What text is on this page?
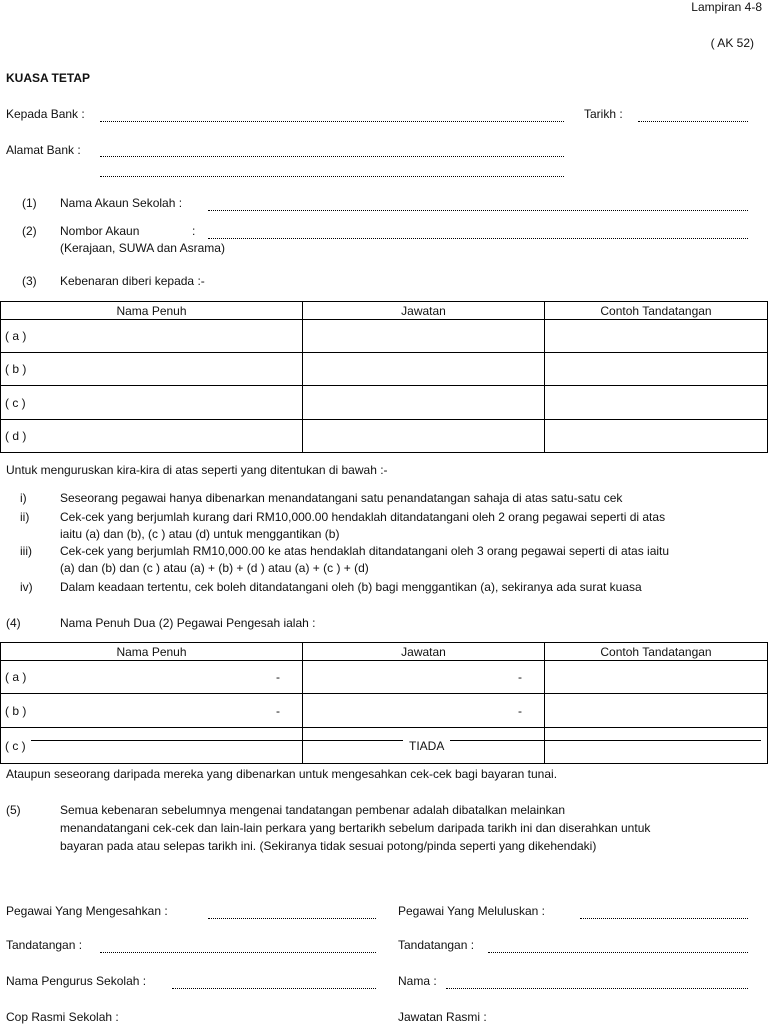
Lampiran 4-8
( AK 52)
KUASA TETAP
Kepada Bank :	Tarikh :
Alamat Bank :
(1) Nama Akaun Sekolah :
(2) Nombor Akaun	:
(Kerajaan, SUWA dan Asrama)
(3) Kebenaran diberi kepada :-
Nama Penuh	Jawatan	Contoh Tandatangan
( a )		
( b )		
( c )		
( d )		
Untuk menguruskan kira-kira di atas seperti yang ditentukan di bawah :-
i)	Seseorang pegawai hanya dibenarkan menandatangani satu penandatangan sahaja di atas satu-satu cek
ii)	Cek-cek yang berjumlah kurang dari RM10,000.00 hendaklah ditandatangani oleh 2 orang pegawai seperti di atas
iaitu (a) dan (b), (c ) atau (d) untuk menggantikan (b)
iii) Cek-cek yang berjumlah RM10,000.00 ke atas hendaklah ditandatangani oleh 3 orang pegawai seperti di atas iaitu
(a) dan (b) dan (c ) atau (a) + (b) + (d ) atau (a) + (c ) + (d)
iv) Dalam keadaan tertentu, cek boleh ditandatangani oleh (b) bagi menggantikan (a), sekiranya ada surat kuasa
(4)	Nama Penuh Dua (2) Pegawai Pengesah ialah :
Nama Penuh	Jawatan	Contoh Tandatangan
( a ) -	-	

( b ) -	-	

( c )	TIADA	

Ataupun seseorang daripada mereka yang dibenarkan untuk mengesahkan cek-cek bagi bayaran tunai.
(5)	Semua kebenaran sebelumnya mengenai tandatangan pembenar adalah dibatalkan melainkan
menandatangani cek-cek dan lain-lain perkara yang bertarikh sebelum daripada tarikh ini dan diserahkan untuk
bayaran pada atau selepas tarikh ini. (Sekiranya tidak sesuai potong/pinda seperti yang dikehendaki)
Pegawai Yang Mengesahkan :
Tandatangan :
Nama Pengurus Sekolah :
Cop Rasmi Sekolah :
Pegawai Yang Meluluskan :
Tandatangan :
Nama :
Jawatan Rasmi :
